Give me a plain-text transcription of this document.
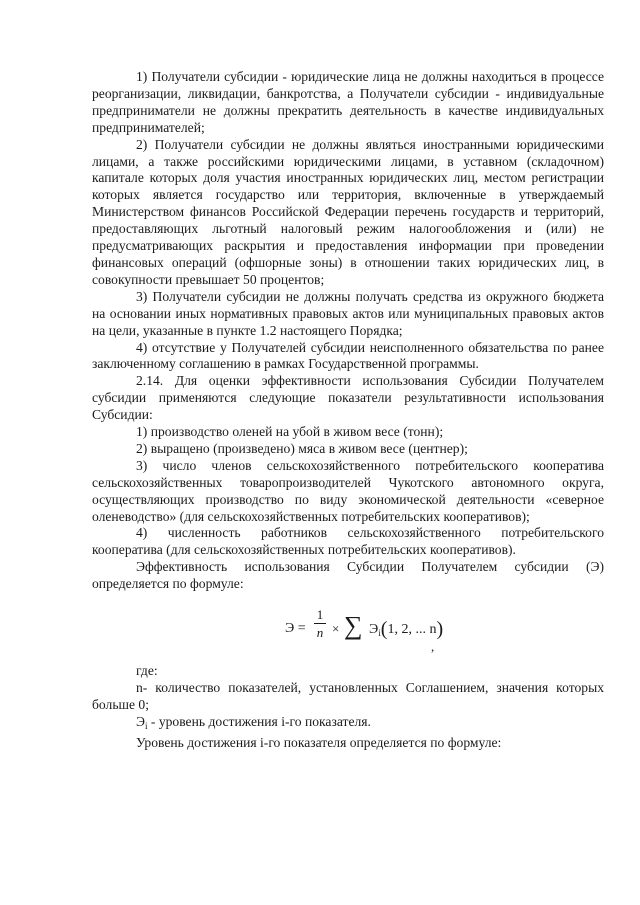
1) Получатели субсидии - юридические лица не должны находиться в процессе реорганизации, ликвидации, банкротства, а Получатели субсидии - индивидуальные предприниматели не должны прекратить деятельность в качестве индивидуальных предпринимателей;

2) Получатели субсидии не должны являться иностранными юридическими лицами, а также российскими юридическими лицами, в уставном (складочном) капитале которых доля участия иностранных юридических лиц, местом регистрации которых является государство или территория, включенные в утверждаемый Министерством финансов Российской Федерации перечень государств и территорий, предоставляющих льготный налоговый режим налогообложения и (или) не предусматривающих раскрытия и предоставления информации при проведении финансовых операций (офшорные зоны) в отношении таких юридических лиц, в совокупности превышает 50 процентов;

3) Получатели субсидии не должны получать средства из окружного бюджета на основании иных нормативных правовых актов или муниципальных правовых актов на цели, указанные в пункте 1.2 настоящего Порядка;

4) отсутствие у Получателей субсидии неисполненного обязательства по ранее заключенному соглашению в рамках Государственной программы.

2.14. Для оценки эффективности использования Субсидии Получателем субсидии применяются следующие показатели результативности использования Субсидии:

1) производство оленей на убой в живом весе (тонн);

2) выращено (произведено) мяса в живом весе (центнер);

3) число членов сельскохозяйственного потребительского кооператива сельскохозяйственных товаропроизводителей Чукотского автономного округа, осуществляющих производство по виду экономической деятельности «северное оленеводство» (для сельскохозяйственных потребительских кооперативов);

4) численность работников сельскохозяйственного потребительского кооператива (для сельскохозяйственных потребительских кооперативов).

Эффективность использования Субсидии Получателем субсидии (Э) определяется по формуле:

Э =
1
n × ∑ $Э_i(1$, 2, ... n)
,

где:

n- количество показателей, установленных Соглашением, значения которых больше 0;

$Э_i$ - уровень достижения i-го показателя.

Уровень достижения i-го показателя определяется по формуле:
